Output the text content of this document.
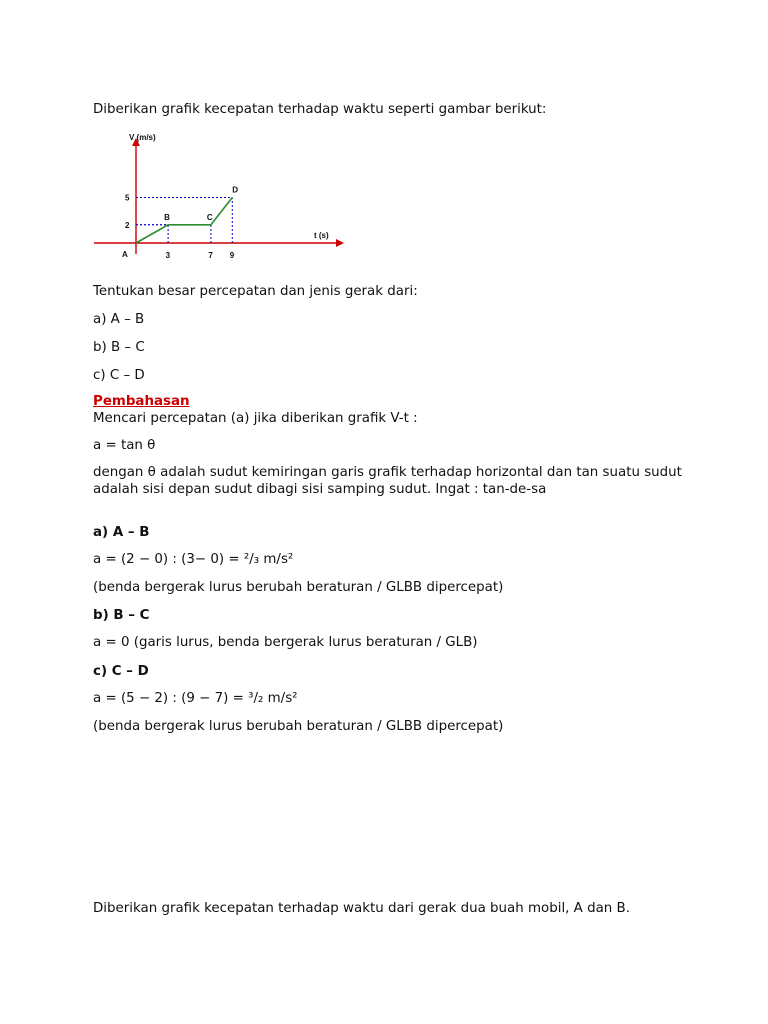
Diberikan grafik kecepatan terhadap waktu seperti gambar berikut:
V (m/s)
t (s)
A
B	C
D
3	7 9
2
5
Tentukan besar percepatan dan jenis gerak dari:
a) A – B
b) B – C
c) C – D
Pembahasan
Mencari percepatan (a) jika diberikan grafik V-t :
a = tan θ
dengan θ adalah sudut kemiringan garis grafik terhadap horizontal dan tan suatu sudut adalah sisi depan sudut dibagi sisi samping sudut. Ingat : tan-de-sa
a) A – B
a = (2 − 0) : (3− 0) = ²/₃ m/s²
(benda bergerak lurus berubah beraturan / GLBB dipercepat)
b) B – C
a = 0 (garis lurus, benda bergerak lurus beraturan / GLB)
c) C – D
a = (5 − 2) : (9 − 7) = ³/₂ m/s²
(benda bergerak lurus berubah beraturan / GLBB dipercepat)
Diberikan grafik kecepatan terhadap waktu dari gerak dua buah mobil, A dan B.
